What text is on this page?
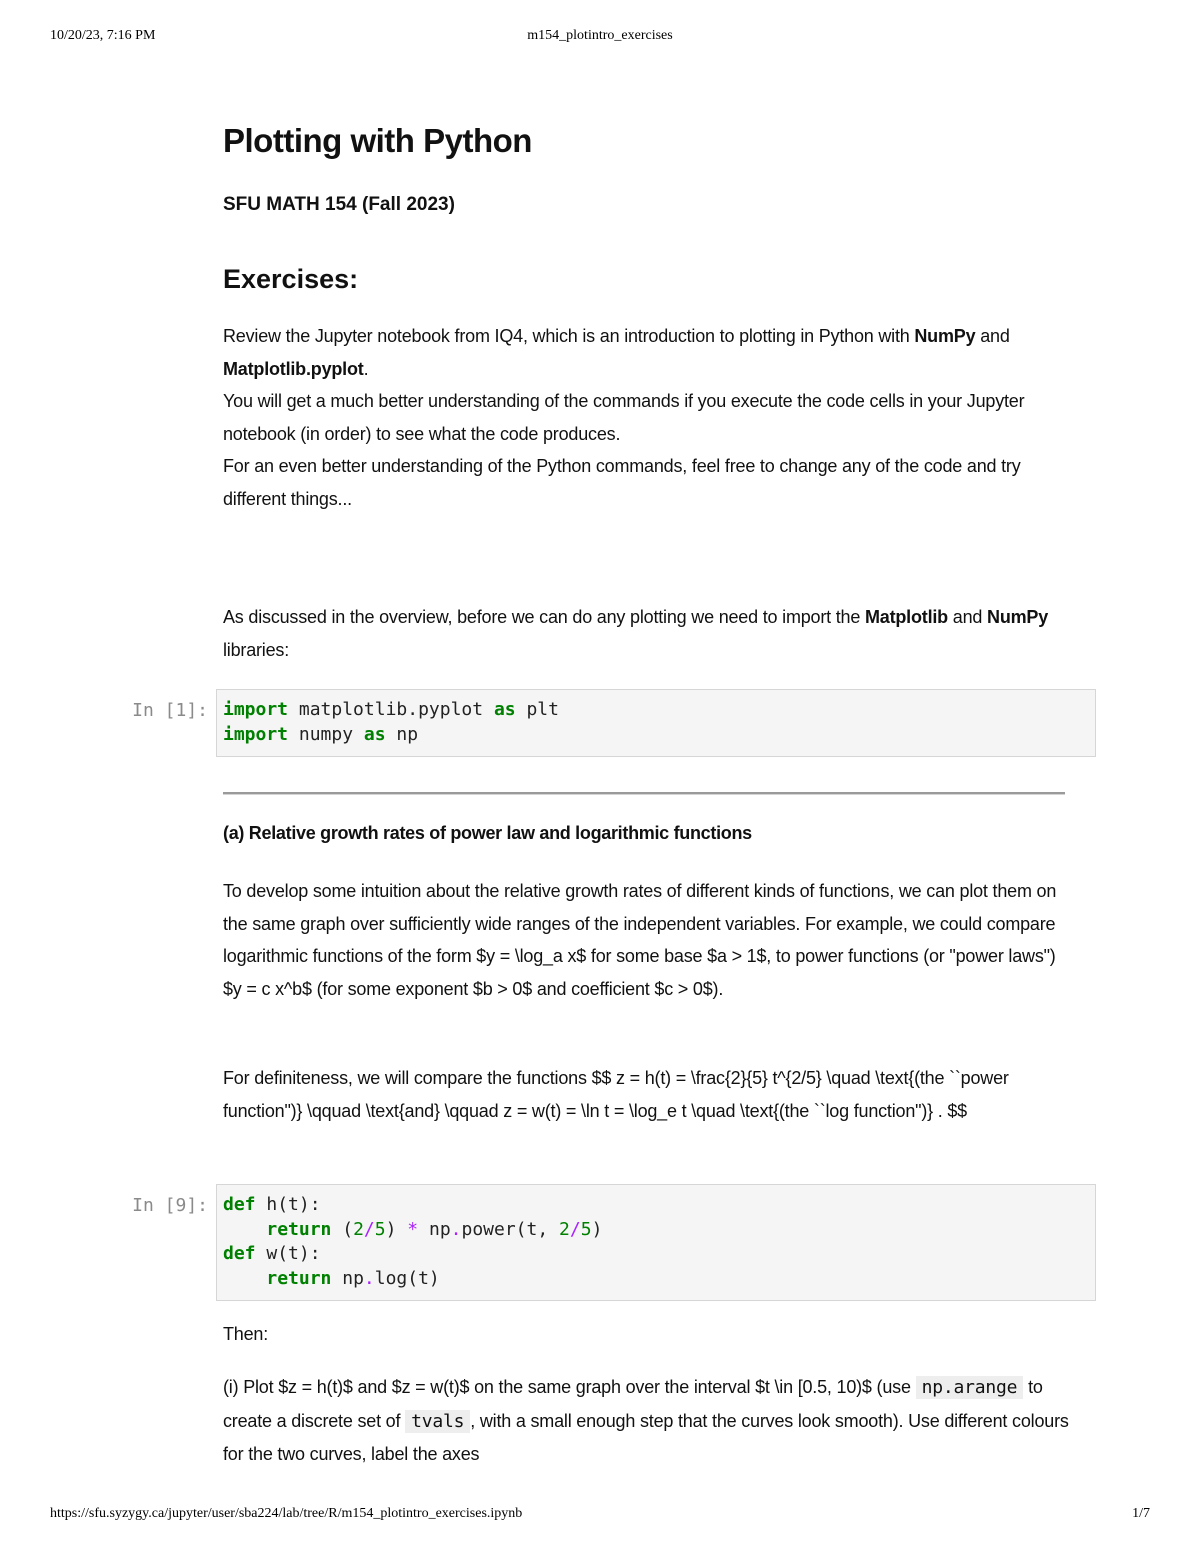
10/20/23, 7:16 PM	m154_plotintro_exercises
Plotting with Python
SFU MATH 154 (Fall 2023)
Exercises:

Review the Jupyter notebook from IQ4, which is an introduction to plotting in Python with NumPy and Matplotlib.pyplot.
You will get a much better understanding of the commands if you execute the code cells in your Jupyter notebook (in order) to see what the code produces.
For an even better understanding of the Python commands, feel free to change any of the code and try different things...

As discussed in the overview, before we can do any plotting we need to import the Matplotlib and NumPy libraries:

In [1]: import matplotlib.pyplot as plt
import numpy as np
(a) Relative growth rates of power law and logarithmic functions

To develop some intuition about the relative growth rates of different kinds of functions, we can plot them on the same graph over sufficiently wide ranges of the independent variables. For example, we could compare logarithmic functions of the form $y = \log_a x$ for some base $a > 1$, to power functions (or "power laws") $y = c x^b$ (for some exponent $b > 0$ and coefficient $c > 0$).

For definiteness, we will compare the functions $$ z = h(t) = \frac{2}{5} t^{2/5} \quad \text{(the ``power function")} \qquad \text{and} \qquad z = w(t) = \ln t = \log_e t \quad \text{(the ``log function")} . $$

In [9]: def h(t):
return (2/5) * np.power(t, 2/5)
def w(t):
return np.log(t)

Then:

(i) Plot $z = h(t)$ and $z = w(t)$ on the same graph over the interval $t \in [0.5, 10)$ (use np.arange to create a discrete set of tvals , with a small enough step that the curves look smooth). Use different colours for the two curves, label the axes

https://sfu.syzygy.ca/jupyter/user/sba224/lab/tree/R/m154_plotintro_exercises.ipynb	1/7
